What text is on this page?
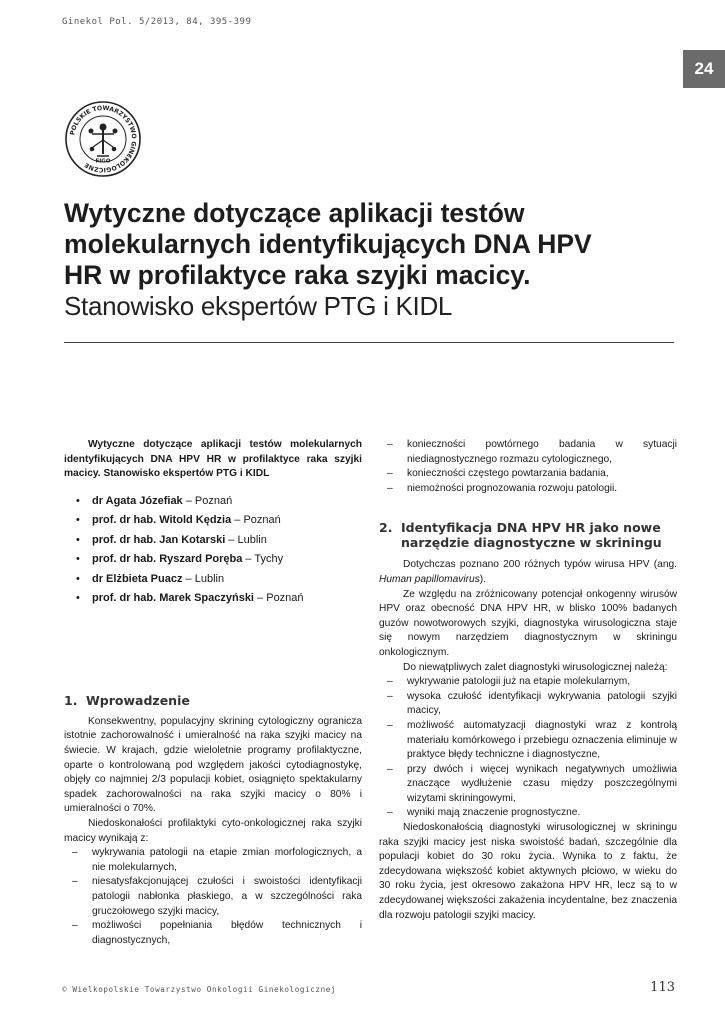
Ginekol Pol. 5/2013, 84, 395-399
24
POLSKIE TOWARZYSTWO GINEKOLOGICZNE FIGO
Wytyczne dotyczące aplikacji testów
molekularnych identyfikujących DNA HPV
HR w profilaktyce raka szyjki macicy.
Stanowisko ekspertów PTG i KIDL

Wytyczne dotyczące aplikacji testów molekularnych identyfikujących DNA HPV HR w profilaktyce raka szyjki macicy. Stanowisko ekspertów PTG i KIDL

• dr Agata Józefiak – Poznań
• prof. dr hab. Witold Kędzia – Poznań
• prof. dr hab. Jan Kotarski – Lublin
• prof. dr hab. Ryszard Poręba – Tychy
• dr Elżbieta Puacz – Lublin
• prof. dr hab. Marek Spaczyński – Poznań
1. Wprowadzenie

Konsekwentny, populacyjny skrining cytologiczny ogranicza istotnie zachorowalność i umieralność na raka szyjki macicy na świecie. W krajach, gdzie wieloletnie programy profilaktyczne, oparte o kontrolowaną pod względem jakości cytodiagnostykę, objęły co najmniej 2/3 populacji kobiet, osiągnięto spektakularny spadek zachorowalności na raka szyjki macicy o 80% i umieralności o 70%.

Niedoskonałości profilaktyki cyto-onkologicznej raka szyjki macicy wynikają z:

– wykrywania patologii na etapie zmian morfologicznych, a nie molekularnych,
– niesatysfakcjonującej czułości i swoistości identyfikacji patologii nabłonka płaskiego, a w szczególności raka gruczołowego szyjki macicy,
– możliwości popełniania błędów technicznych i diagnostycznych,
– konieczności powtórnego badania w sytuacji niediagnostycznego rozmazu cytologicznego,
– konieczności częstego powtarzania badania,
– niemożności prognozowania rozwoju patologii.
2. Identyfikacja DNA HPV HR jako nowe narzędzie diagnostyczne w skriningu

Dotychczas poznano 200 różnych typów wirusa HPV (ang. Human papillomavirus).

Ze względu na zróżnicowany potencjał onkogenny wirusów HPV oraz obecność DNA HPV HR, w blisko 100% badanych guzów nowotworowych szyjki, diagnostyka wirusologiczna staje się nowym narzędziem diagnostycznym w skriningu onkologicznym.

Do niewątpliwych zalet diagnostyki wirusologicznej należą:

– wykrywanie patologii już na etapie molekularnym,
– wysoka czułość identyfikacji wykrywania patologii szyjki macicy,
– możliwość automatyzacji diagnostyki wraz z kontrolą materiału komórkowego i przebiegu oznaczenia eliminuje w praktyce błędy techniczne i diagnostyczne,
– przy dwóch i więcej wynikach negatywnych umożliwia znaczące wydłużenie czasu między poszczególnymi wizytami skriningowymi,
– wyniki mają znaczenie prognostyczne.

Niedoskonałością diagnostyki wirusologicznej w skriningu raka szyjki macicy jest niska swoistość badań, szczególnie dla populacji kobiet do 30 roku życia. Wynika to z faktu, że zdecydowana większość kobiet aktywnych płciowo, w wieku do 30 roku życia, jest okresowo zakażona HPV HR, lecz są to w zdecydowanej większości zakażenia incydentalne, bez znaczenia dla rozwoju patologii szyjki macicy.

© Wielkopolskie Towarzystwo Onkologii Ginekologicznej	113
